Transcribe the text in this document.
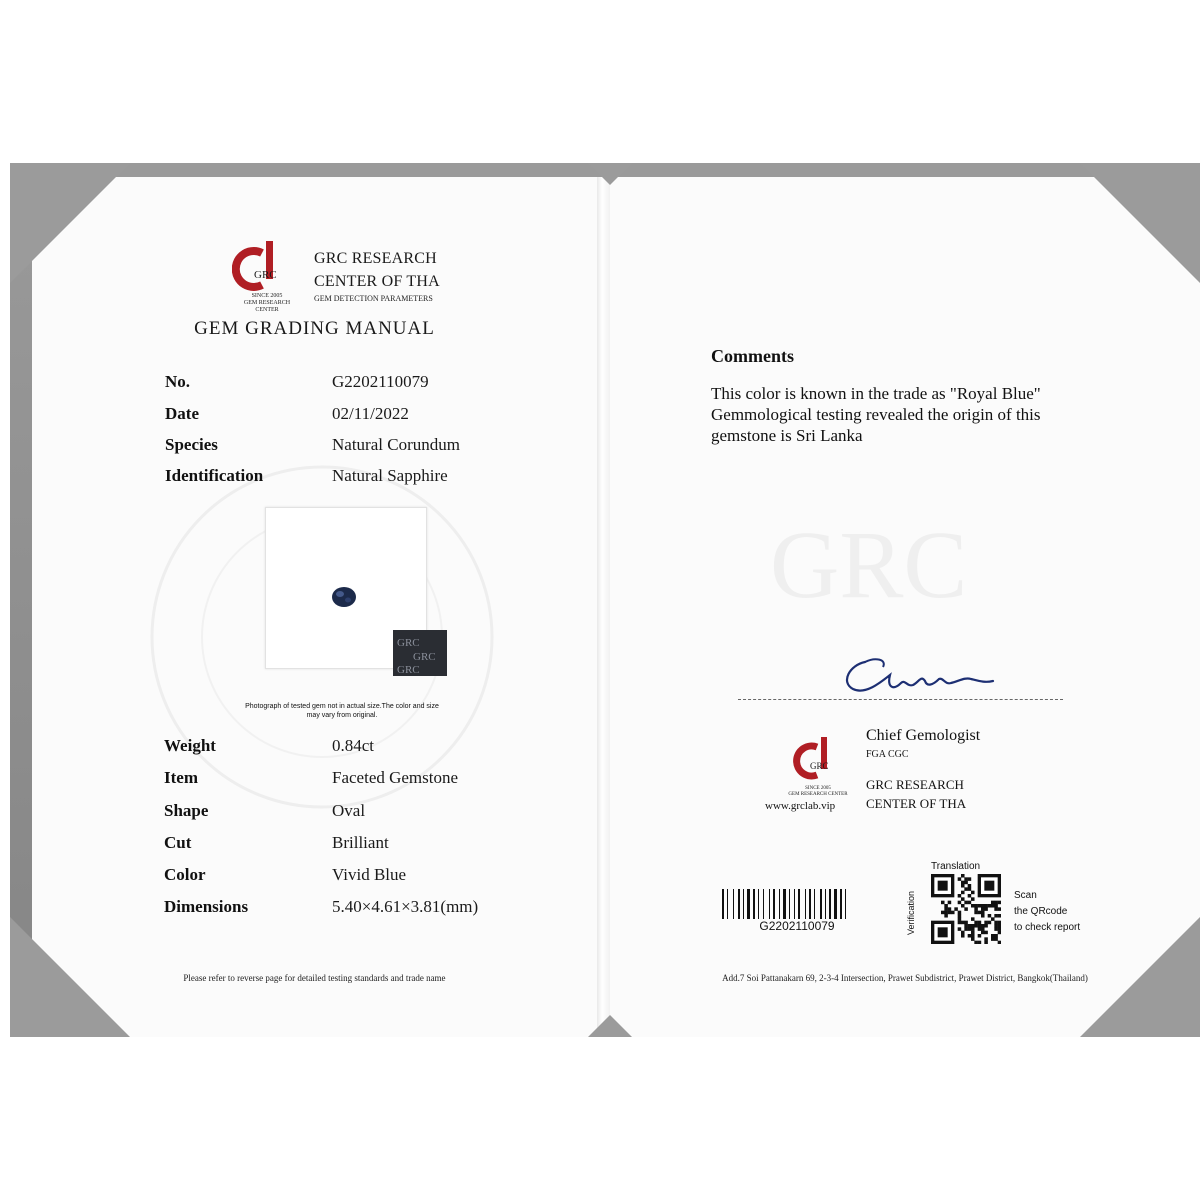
GRC
SINCE 2005
GEM RESEARCH CENTER
GRC RESEARCH
CENTER OF THA
GEM DETECTION PARAMETERS
GEM GRADING MANUAL
No.	G2202110079
Date	02/11/2022
Species	Natural Corundum
Identification	Natural Sapphire
GRC
GRC
GRC
Photograph of tested gem not in actual size.The color and size may vary from original.
Weight	0.84ct
Item	Faceted Gemstone
Shape	Oval
Cut	Brilliant
Color	Vivid Blue
Dimensions	5.40×4.61×3.81(mm)
Please refer to reverse page for detailed testing standards and trade name
GRC
Comments
This color is known in the trade as "Royal Blue"
Gemmological testing revealed the origin of this
gemstone is Sri Lanka
GRC
SINCE 2005
GEM RESEARCH CENTER
www.grclab.vip
Chief Gemologist
FGA CGC
GRC RESEARCH
CENTER OF THA
G2202110079
Translation
Verification	Scan
the QRcode
to check report
Add.7 Soi Pattanakarn 69, 2-3-4 Intersection, Prawet Subdistrict, Prawet District, Bangkok(Thailand)
